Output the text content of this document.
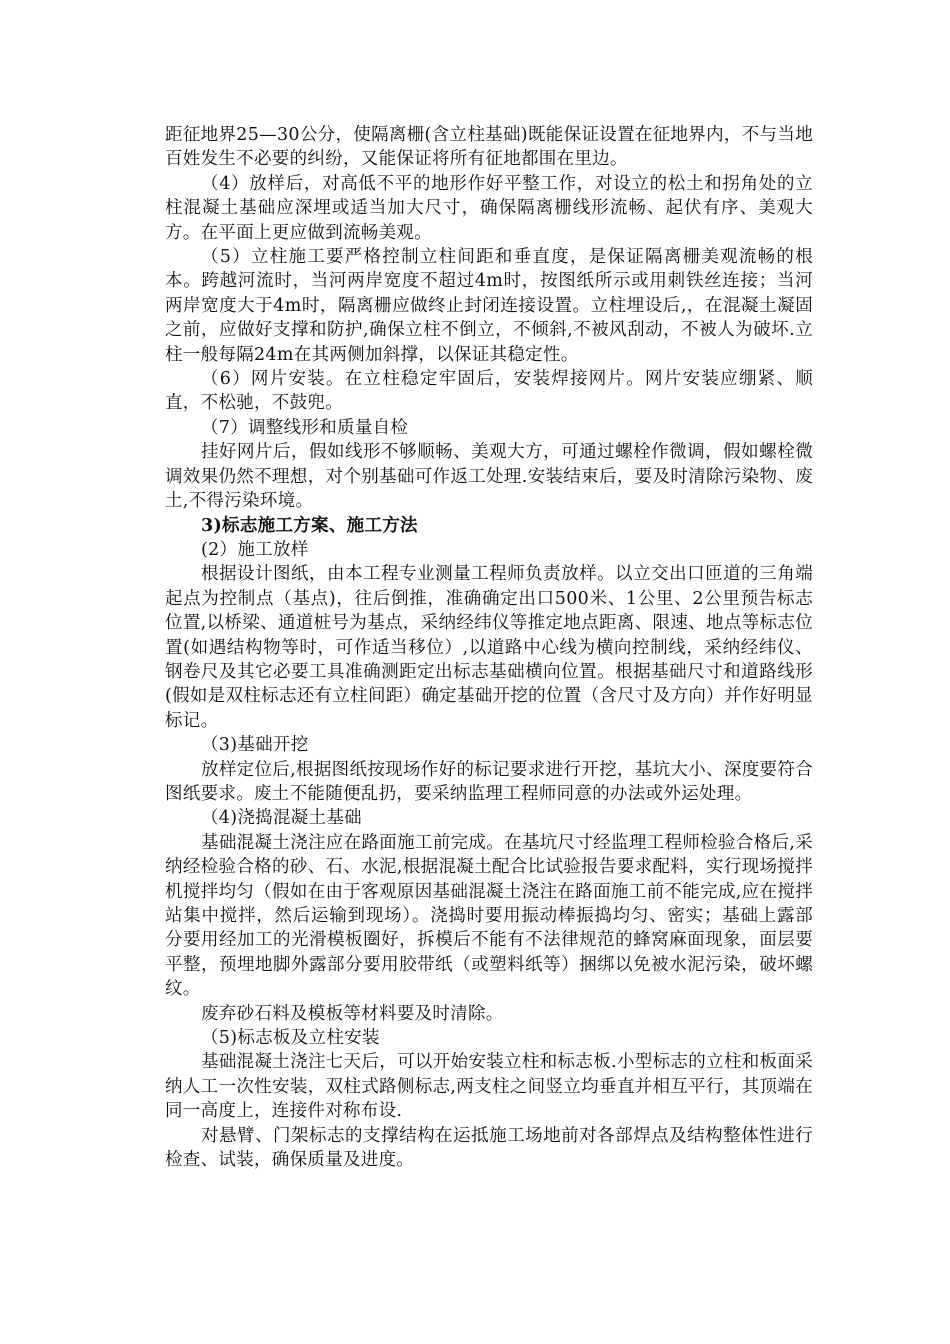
距征地界25—30公分，使隔离栅(含立柱基础)既能保证设置在征地界内，不与当地百姓发生不必要的纠纷，又能保证将所有征地都围在里边。

（4）放样后，对高低不平的地形作好平整工作，对设立的松土和拐角处的立柱混凝土基础应深埋或适当加大尺寸，确保隔离栅线形流畅、起伏有序、美观大方。在平面上更应做到流畅美观。

（5）立柱施工要严格控制立柱间距和垂直度，是保证隔离栅美观流畅的根本。跨越河流时，当河两岸宽度不超过4m时，按图纸所示或用刺铁丝连接；当河两岸宽度大于4m时，隔离栅应做终止封闭连接设置。立柱埋设后,，在混凝土凝固之前，应做好支撑和防护,确保立柱不倒立，不倾斜,不被风刮动，不被人为破坏.立柱一般每隔24m在其两侧加斜撑，以保证其稳定性。

（6）网片安装。在立柱稳定牢固后，安装焊接网片。网片安装应绷紧、顺直，不松驰，不鼓兜。

（7）调整线形和质量自检

挂好网片后，假如线形不够顺畅、美观大方，可通过螺栓作微调，假如螺栓微调效果仍然不理想，对个别基础可作返工处理.安装结束后，要及时清除污染物、废土,不得污染环境。

3)标志施工方案、施工方法

(2）施工放样

根据设计图纸，由本工程专业测量工程师负责放样。以立交出口匝道的三角端起点为控制点（基点)，往后倒推，准确确定出口500米、1公里、2公里预告标志位置,以桥梁、通道桩号为基点，采纳经纬仪等推定地点距离、限速、地点等标志位置(如遇结构物等时，可作适当移位）,以道路中心线为横向控制线，采纳经纬仪、钢卷尺及其它必要工具准确测距定出标志基础横向位置。根据基础尺寸和道路线形(假如是双柱标志还有立柱间距）确定基础开挖的位置（含尺寸及方向）并作好明显标记。

（3)基础开挖

放样定位后,根据图纸按现场作好的标记要求进行开挖，基坑大小、深度要符合图纸要求。废土不能随便乱扔，要采纳监理工程师同意的办法或外运处理。

（4)浇捣混凝土基础

基础混凝土浇注应在路面施工前完成。在基坑尺寸经监理工程师检验合格后,采纳经检验合格的砂、石、水泥,根据混凝土配合比试验报告要求配料，实行现场搅拌机搅拌均匀（假如在由于客观原因基础混凝土浇注在路面施工前不能完成,应在搅拌站集中搅拌，然后运输到现场）。浇捣时要用振动棒振捣均匀、密实；基础上露部分要用经加工的光滑模板圈好，拆模后不能有不法律规范的蜂窝麻面现象，面层要平整，预埋地脚外露部分要用胶带纸（或塑料纸等）捆绑以免被水泥污染，破坏螺纹。

废弃砂石料及模板等材料要及时清除。

（5)标志板及立柱安装

基础混凝土浇注七天后，可以开始安装立柱和标志板.小型标志的立柱和板面采纳人工一次性安装，双柱式路侧标志,两支柱之间竖立均垂直并相互平行，其顶端在同一高度上，连接件对称布设.

对悬臂、门架标志的支撑结构在运抵施工场地前对各部焊点及结构整体性进行检查、试装，确保质量及进度。
